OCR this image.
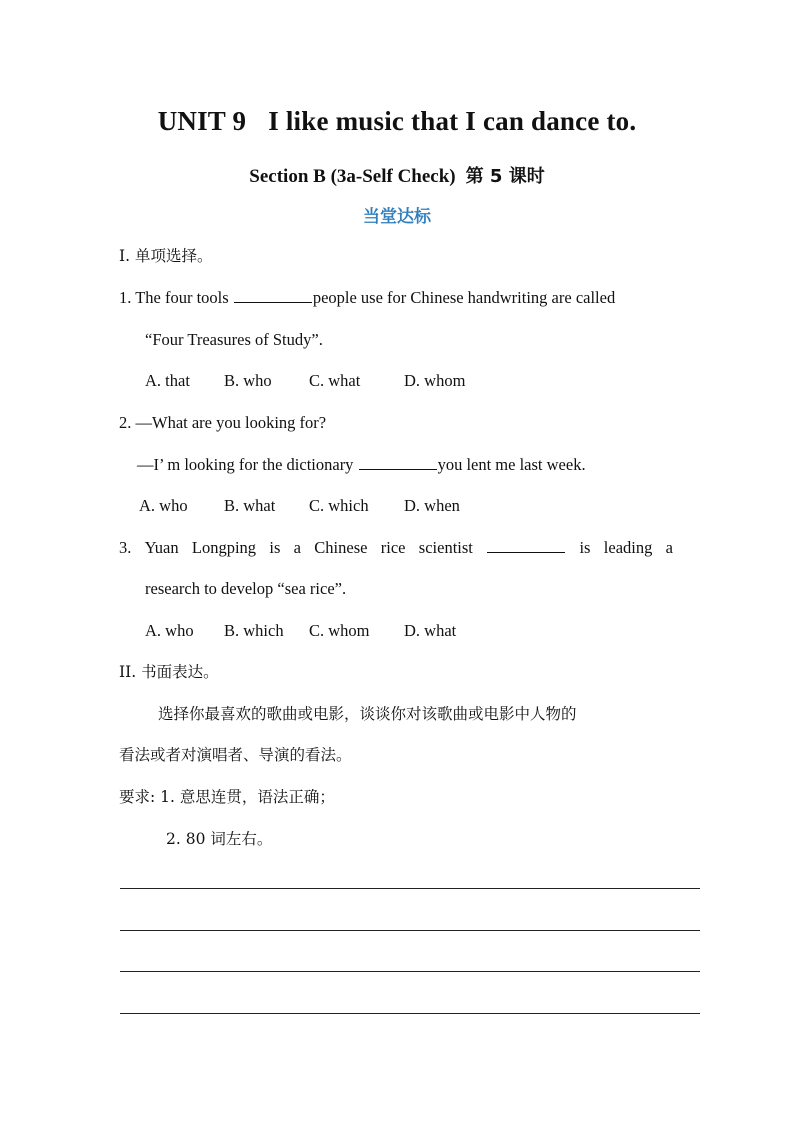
UNIT 9 I like music that I can dance to.
Section B (3a-Self Check) 第 5 课时
当堂达标
I. 单项选择。
1. The four tools	people use for Chinese handwriting are called
“Four Treasures of Study”.
A. that B. who C. what	D. whom
2. —What are you looking for?
—I’ m looking for the dictionary	you lent me last week.
A. who B. what C. which D. when
3. Yuan Longping is a Chinese rice scientist	is leading a
research to develop “sea rice”.
A. who B. which C. whom D. what
II. 书面表达。
选择你最喜欢的歌曲或电影，谈谈你对该歌曲或电影中人物的
看法或者对演唱者、导演的看法。
要求: 1. 意思连贯，语法正确；
2. 80 词左右。
